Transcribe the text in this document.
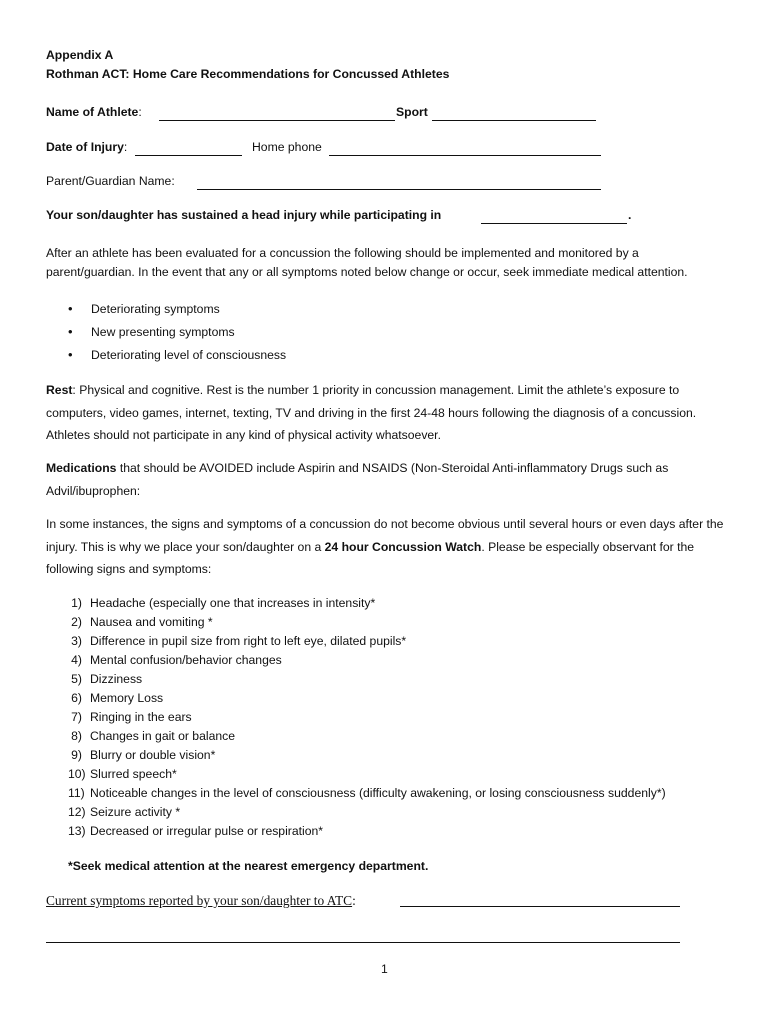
Appendix A
Rothman ACT: Home Care Recommendations for Concussed Athletes
Name of Athlete:	Sport
Date of Injury:	Home phone
Parent/Guardian Name:
Your son/daughter has sustained a head injury while participating in	.
After an athlete has been evaluated for a concussion the following should be implemented and monitored by a parent/guardian. In the event that any or all symptoms noted below change or occur, seek immediate medical attention.
• Deteriorating symptoms
• New presenting symptoms
• Deteriorating level of consciousness
Rest: Physical and cognitive. Rest is the number 1 priority in concussion management. Limit the athlete’s exposure to computers, video games, internet, texting, TV and driving in the first 24-48 hours following the diagnosis of a concussion. Athletes should not participate in any kind of physical activity whatsoever.
Medications that should be AVOIDED include Aspirin and NSAIDS (Non-Steroidal Anti-inflammatory Drugs such as Advil/ibuprophen:
In some instances, the signs and symptoms of a concussion do not become obvious until several hours or even days after the injury. This is why we place your son/daughter on a 24 hour Concussion Watch. Please be especially observant for the following signs and symptoms:
1) Headache (especially one that increases in intensity*
2) Nausea and vomiting *
3) Difference in pupil size from right to left eye, dilated pupils*
4) Mental confusion/behavior changes
5) Dizziness
6) Memory Loss
7) Ringing in the ears
8) Changes in gait or balance
9) Blurry or double vision*
10) Slurred speech*
11) Noticeable changes in the level of consciousness (difficulty awakening, or losing consciousness suddenly*)
12) Seizure activity *
13) Decreased or irregular pulse or respiration*
*Seek medical attention at the nearest emergency department.
Current symptoms reported by your son/daughter to ATC:
1
